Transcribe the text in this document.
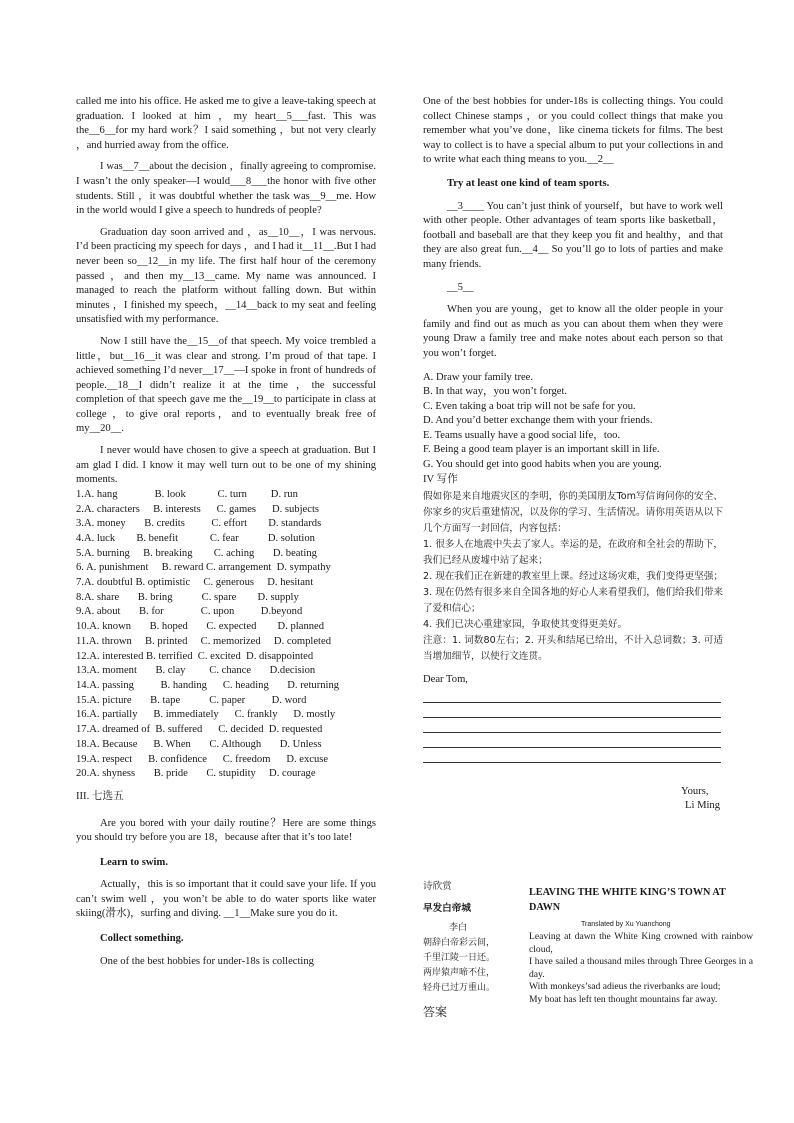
called me into his office. He asked me to give a leave-taking speech at graduation. I looked at him ，my heart__5___fast. This was the__6__for my hard work？I said something ，but not very clearly ，and hurried away from the office.

I was__7__about the decision ，finally agreeing to compromise. I wasn’t the only speaker—I would___8___the honor with five other students. Still ，it was doubtful whether the task was__9__me. How in the world would I give a speech to hundreds of people?

Graduation day soon arrived and ，as__10__，I was nervous. I’d been practicing my speech for days ，and I had it__11__.But I had never been so__12__in my life. The first half hour of the ceremony passed ，and then my__13__came. My name was announced. I managed to reach the platform without falling down. But within minutes ，I finished my speech，__14__back to my seat and feeling unsatisfied with my performance.

Now I still have the__15__of that speech. My voice trembled a little，but__16__it was clear and strong. I’m proud of that tape. I achieved something I’d never__17__—I spoke in front of hundreds of people.__18__I didn’t realize it at the time ，the successful completion of that speech gave me the__19__to participate in class at college ，to give oral reports，and to eventually break free of my__20__.

I never would have chosen to give a speech at graduation. But I am glad I did. I know it may well turn out to be one of my shining moments.

1.A. hang              B. look            C. turn         D. run
2.A. characters     B. interests      C. games      D. subjects
3.A. money       B. credits          C. effort        D. standards
4.A. luck        B. benefit            C. fear           D. solution
5.A. burning     B. breaking        C. aching       D. beating
6. A. punishment     B. reward C. arrangement  D. sympathy
7.A. doubtful B. optimistic     C. generous     D. hesitant
8.A. share       B. bring           C. spare        D. supply
9.A. about       B. for              C. upon          D.beyond
10.A. known       B. hoped       C. expected        D. planned
11.A. thrown     B. printed     C. memorized     D. completed
12.A. interested B. terrified  C. excited  D. disappointed
13.A. moment       B. clay         C. chance       D.decision
14.A. passing          B. handing      C. heading       D. returning
15.A. picture       B. tape           C. paper          D. word
16.A. partially      B. immediately      C. frankly      D. mostly
17.A. dreamed of  B. suffered      C. decided  D. requested
18.A. Because      B. When       C. Although       D. Unless
19.A. respect      B. confidence      C. freedom      D. excuse
20.A. shyness       B. pride       C. stupidity     D. courage

III. 七选五

Are you bored with your daily routine？Here are some things you should try before you are 18，because after that it’s too late!

Learn to swim.

Actually，this is so important that it could save your life. If you can’t swim well ，you won’t be able to do water sports like water skiing(滑水)，surfing and diving. __1__Make sure you do it.

Collect something.

One of the best hobbies for under-18s is collecting

One of the best hobbies for under-18s is collecting things. You could collect Chinese stamps ，or you could collect things that make you remember what you’ve done，like cinema tickets for films. The best way to collect is to have a special album to put your collections in and to write what each thing means to you.__2__

Try at least one kind of team sports.

__3____ You can’t just think of yourself，but have to work well with other people. Other advantages of team sports like basketball，football and baseball are that they keep you fit and healthy，and that they are also great fun.__4__ So you’ll go to lots of parties and make many friends.

__5__

When you are young，get to know all the older people in your family and find out as much as you can about them when they were young Draw a family tree and make notes about each person so that you won’t forget.

A. Draw your family tree.

B. In that way，you won’t forget.

C. Even taking a boat trip will not be safe for you.

D. And you’d better exchange them with your friends.

E. Teams usually have a good social life，too.

F. Being a good team player is an important skill in life.

G. You should get into good habits when you are young.

IV 写作

假如你是来自地震灾区的李明，你的美国朋友Tom写信询问你的安全、你家乡的灾后重建情况，以及你的学习、生活情况。请你用英语从以下几个方面写一封回信，内容包括：

1. 很多人在地震中失去了家人。幸运的是，在政府和全社会的帮助下，我们已经从废墟中站了起来；

2. 现在我们正在新建的教室里上课。经过这场灾难，我们变得更坚强；

3. 现在仍然有很多来自全国各地的好心人来看望我们，他们给我们带来了爱和信心；

4. 我们已决心重建家园，争取使其变得更美好。

注意：1. 词数80左右；2. 开头和结尾已给出，不计入总词数；3. 可适当增加细节，以使行文连贯。

Dear Tom,

Yours,

Li Ming

诗欣赏
早发白帝城
李白
朝辞白帝彩云间，
千里江陵一日还。
两岸猿声啼不住，
轻舟已过万重山。
LEAVING THE WHITE KING’S TOWN AT DAWN
Translated by Xu Yuanchong
Leaving at dawn the White King crowned with rainbow cloud,
I have sailed a thousand miles through Three Georges in a day.
With monkeys’sad adieus the riverbanks are loud;
My boat has left ten thought mountains far away.
答案
